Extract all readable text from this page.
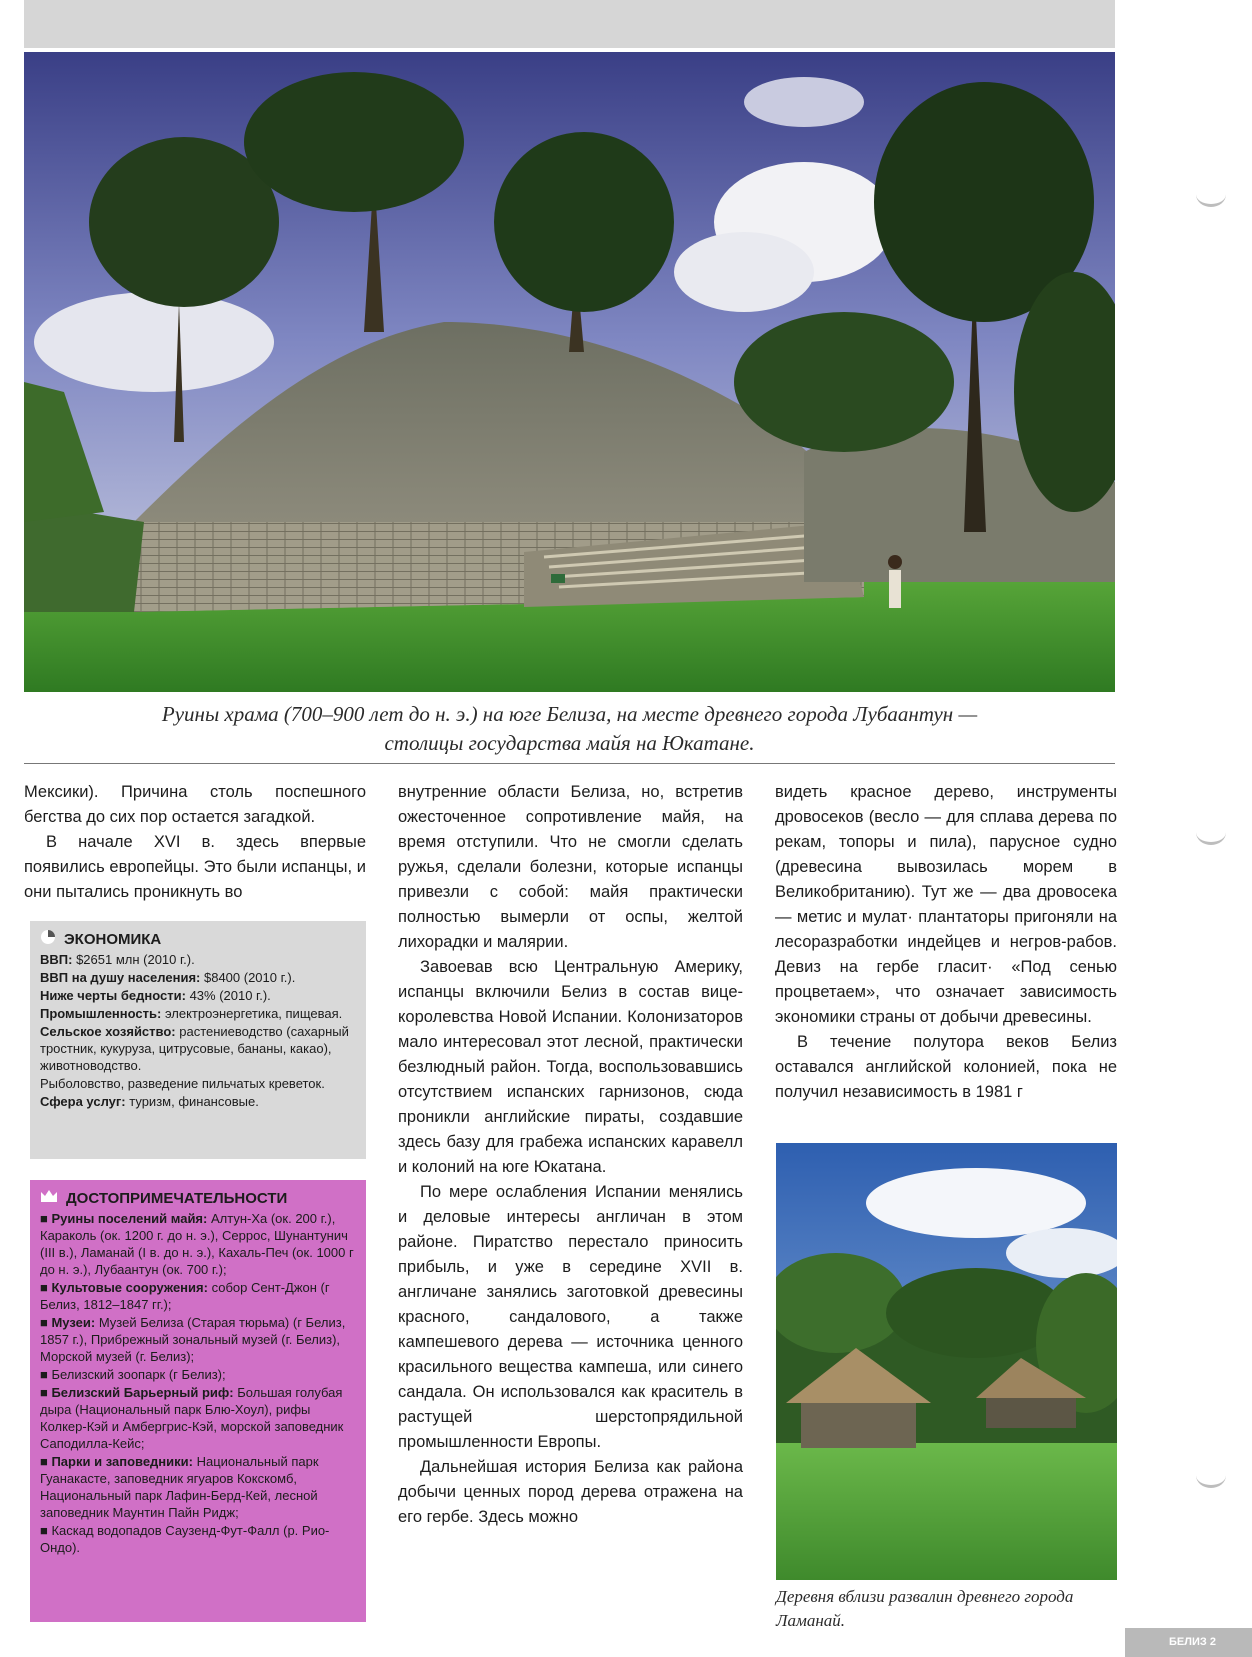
Руины храма (700–900 лет до н. э.) на юге Белиза, на месте древнего города Лубаантун —
столицы государства майя на Юкатане.

Мексики). Причина столь поспешного бегства до сих пор остается загадкой.

В начале XVI в. здесь впервые появились европейцы. Это были испанцы, и они пытались проникнуть во

ЭКОНОМИКА
ВВП: $2651 млн (2010 г.).
ВВП на душу населения: $8400 (2010 г.).
Ниже черты бедности: 43% (2010 г.).
Промышленность: электроэнергетика, пищевая.
Сельское хозяйство: растениеводство (сахарный тростник, кукуруза, цитрусовые, бананы, какао), животноводство.
Рыболовство, разведение пильчатых креветок.
Сфера услуг: туризм, финансовые.
ДОСТОПРИМЕЧАТЕЛЬНОСТИ
■ Руины поселений майя: Алтун-Ха (ок. 200 г.), Караколь (ок. 1200 г. до н. э.), Серрос, Шунантунич (III в.), Ламанай (I в. до н. э.), Кахаль-Печ (ок. 1000 г до н. э.), Лубаантун (ок. 700 г.);
■ Культовые сооружения: собор Сент-Джон (г Белиз, 1812–1847 гг.);
■ Музеи: Музей Белиза (Старая тюрьма) (г Белиз, 1857 г.), Прибрежный зональный музей (г. Белиз), Морской музей (г. Белиз);
■ Белизский зоопарк (г Белиз);
■ Белизский Барьерный риф: Большая голубая дыра (Национальный парк Блю-Хоул), рифы Колкер-Кэй и Амбергрис-Кэй, морской заповедник Саподилла-Кейс;
■ Парки и заповедники: Национальный парк Гуанакасте, заповедник ягуаров Кокскомб, Национальный парк Лафин-Берд-Кей, лесной заповедник Маунтин Пайн Ридж;
■ Каскад водопадов Саузенд-Фут-Фалл (р. Рио-Ондо).

внутренние области Белиза, но, встретив ожесточенное сопротивление майя, на время отступили. Что не смогли сделать ружья, сделали болезни, которые испанцы привезли с собой: майя практически полностью вымерли от оспы, желтой лихорадки и малярии.

Завоевав всю Центральную Америку, испанцы включили Белиз в состав вице-королевства Новой Испании. Колонизаторов мало интересовал этот лесной, практически безлюдный район. Тогда, воспользовавшись отсутствием испанских гарнизонов, сюда проникли английские пираты, создавшие здесь базу для грабежа испанских каравелл и колоний на юге Юкатана.

По мере ослабления Испании менялись и деловые интересы англичан в этом районе. Пиратство перестало приносить прибыль, и уже в середине XVII в. англичане занялись заготовкой древесины красного, сандалового, а также кампешевого дерева — источника ценного красильного вещества кампеша, или синего сандала. Он использовался как краситель в растущей шерстопрядильной промышленности Европы.

Дальнейшая история Белиза как района добычи ценных пород дерева отражена на его гербе. Здесь можно

видеть красное дерево, инструменты дровосеков (весло — для сплава дерева по рекам, топоры и пила), парусное судно (древесина вывозилась морем в Великобританию). Тут же — два дровосека — метис и мулат· плантаторы пригоняли на лесоразработки индейцев и негров-рабов. Девиз на гербе гласит· «Под сенью процветаем», что означает зависимость экономики страны от добычи древесины.

В течение полутора веков Белиз оставался английской колонией, пока не получил независимость в 1981 г

Деревня вблизи развалин древнего города Ламанай.
БЕЛИЗ 2
